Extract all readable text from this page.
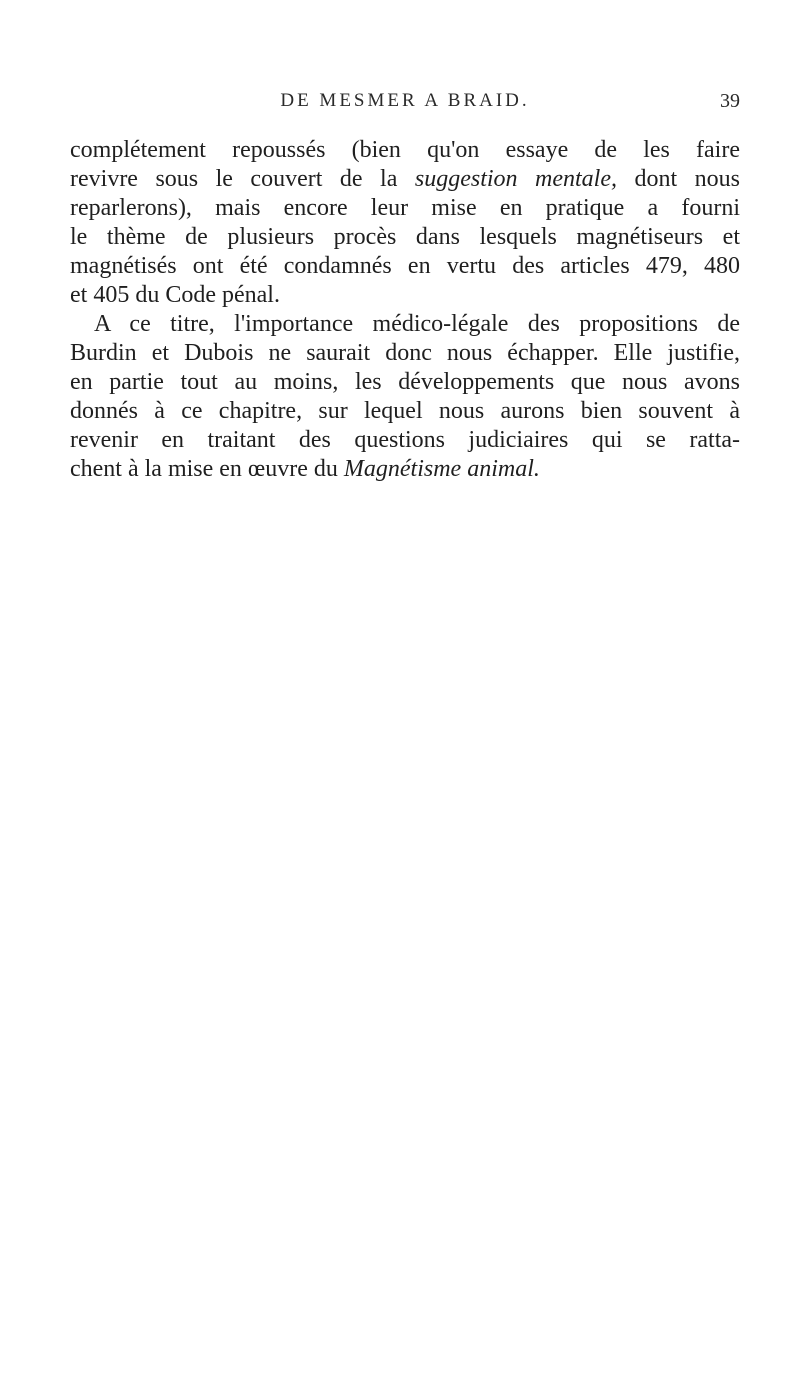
DE MESMER A BRAID.	39
complétement repoussés (bien qu'on essaye de les faire
revivre sous le couvert de la suggestion mentale, dont nous
reparlerons), mais encore leur mise en pratique a fourni
le thème de plusieurs procès dans lesquels magnétiseurs et
magnétisés ont été condamnés en vertu des articles 479, 480
et 405 du Code pénal.
A ce titre, l'importance médico-légale des propositions de
Burdin et Dubois ne saurait donc nous échapper. Elle justifie,
en partie tout au moins, les développements que nous avons
donnés à ce chapitre, sur lequel nous aurons bien souvent à
revenir en traitant des questions judiciaires qui se ratta-
chent à la mise en œuvre du Magnétisme animal.
